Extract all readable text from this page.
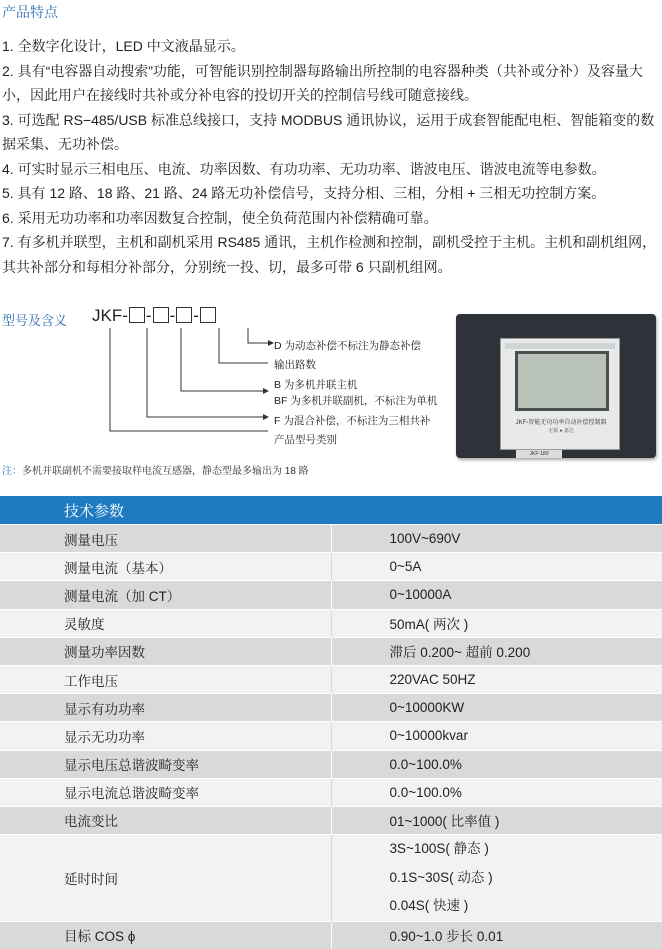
产品特点

1. 全数字化设计，LED 中文液晶显示。

2. 具有“电容器自动搜索”功能，可智能识别控制器每路输出所控制的电容器种类（共补或分补）及容量大小，因此用户在接线时共补或分补电容的投切开关的控制信号线可随意接线。

3. 可选配 RS−485/USB 标准总线接口，支持 MODBUS 通讯协议，运用于成套智能配电柜、智能箱变的数据采集、无功补偿。

4. 可实时显示三相电压、电流、功率因数、有功功率、无功功率、谐波电压、谐波电流等电参数。

5. 具有 12 路、18 路、21 路、24 路无功补偿信号，支持分相、三相，分相 + 三相无功控制方案。

6. 采用无功功率和功率因数复合控制，使全负荷范围内补偿精确可靠。

7. 有多机并联型，主机和副机采用 RS485 通讯，主机作检测和控制，副机受控于主机。主机和副机组网，其共补部分和每相分补部分，分别统一投、切，最多可带 6 只副机组网。

型号及含义 JKF- - - -
D 为动态补偿不标注为静态补偿
输出路数
B 为多机并联主机
BF 为多机并联副机，不标注为单机
F 为混合补偿，不标注为三相共补
产品型号类别
JKF▫智能无功功率自动补偿控制器
无锡 ● 嘉达
JKF▫180
注：多机并联副机不需要接取样电流互感器，静态型最多输出为 18 路
技术参数	
测量电压	100V~690V
测量电流（基本）	0~5A
测量电流（加 CT）	0~10000A
灵敏度	50mA( 两次 )
测量功率因数	滞后 0.200~ 超前 0.200
工作电压	220VAC 50HZ
显示有功功率	0~10000KW
显示无功功率	0~10000kvar
显示电压总谐波畸变率	0.0~100.0%
显示电流总谐波畸变率	0.0~100.0%
电流变比	01~1000( 比率值 )
延时时间	3S~100S( 静态 )
0.1S~30S( 动态 )
0.04S( 快速 )

目标 COS ϕ	0.90~1.0 步长 0.01
